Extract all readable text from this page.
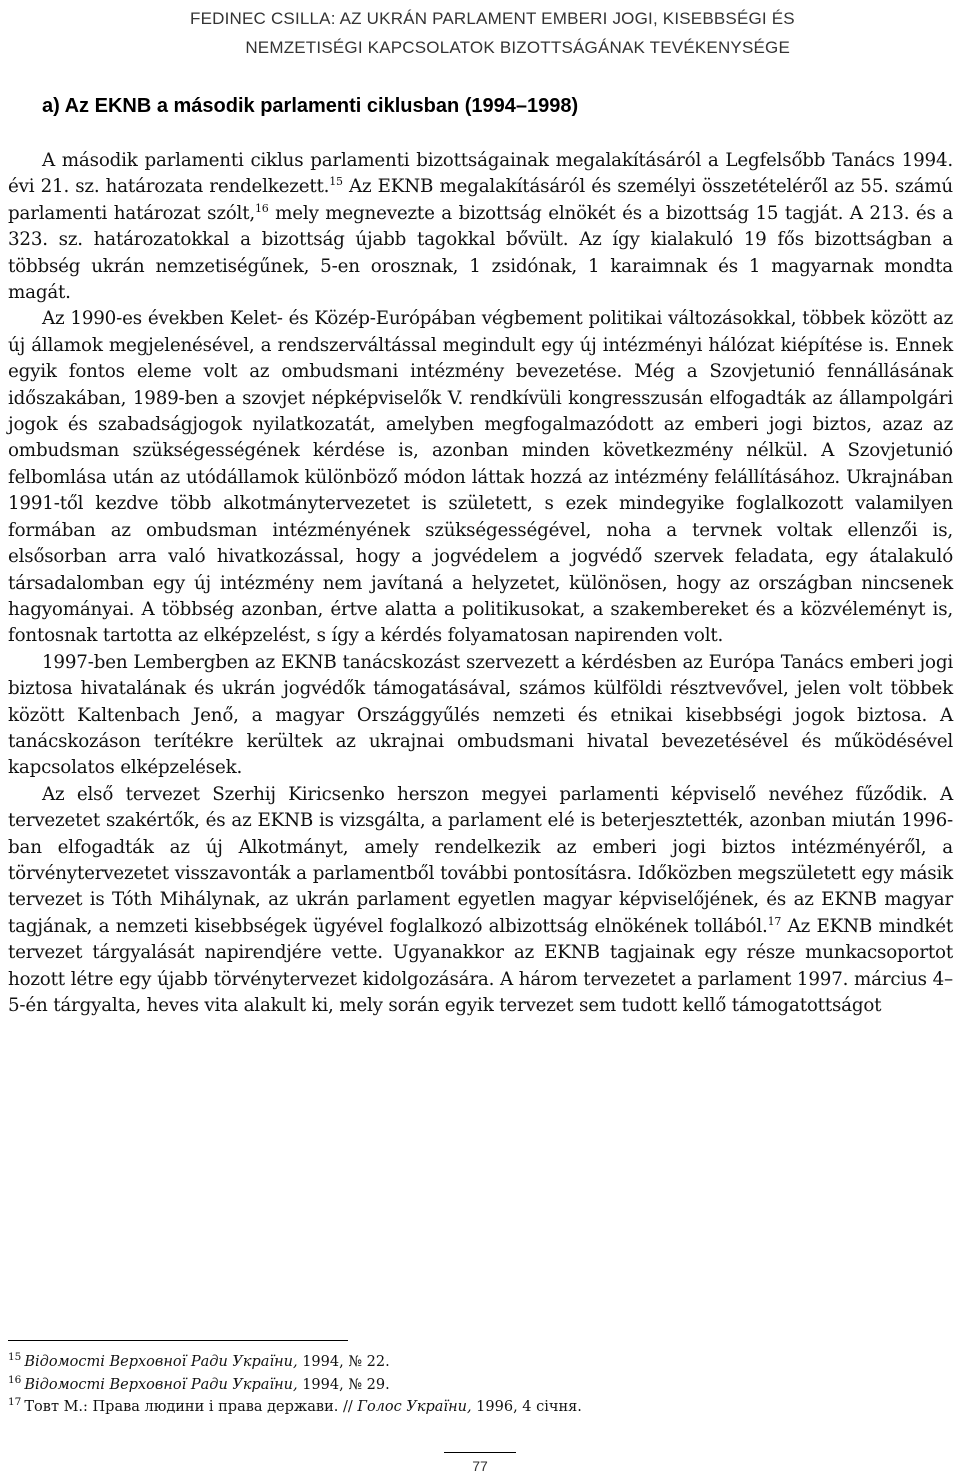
FEDINEC CSILLA: AZ UKRÁN PARLAMENT EMBERI JOGI, KISEBBSÉGI ÉS
NEMZETISÉGI KAPCSOLATOK BIZOTTSÁGÁNAK TEVÉKENYSÉGE
a) Az EKNB a második parlamenti ciklusban (1994–1998)

A második parlamenti ciklus parlamenti bizottságainak megalakításáról a Legfelsőbb Tanács 1994. évi 21. sz. határozata rendelkezett.$^{15}$ Az EKNB megalakításáról és személyi összetételéről az 55. számú parlamenti határozat szólt,$^{16}$ mely megnevezte a bizottság elnökét és a bizottság 15 tagját. A 213. és a 323. sz. határozatokkal a bizottság újabb tagokkal bővült. Az így kialakuló 19 fős bizottságban a többség ukrán nemzetiségűnek, 5-en orosznak, 1 zsidónak, 1 karaimnak és 1 magyarnak mondta magát.

Az 1990-es években Kelet- és Közép-Európában végbement politikai változásokkal, többek között az új államok megjelenésével, a rendszerváltással megindult egy új intézményi hálózat kiépítése is. Ennek egyik fontos eleme volt az ombudsmani intézmény bevezetése. Még a Szovjetunió fennállásának időszakában, 1989-ben a szovjet népképviselők V. rendkívüli kongresszusán elfogadták az állampolgári jogok és szabadságjogok nyilatkozatát, amelyben megfogalmazódott az emberi jogi biztos, azaz az ombudsman szükségességének kérdése is, azonban minden következmény nélkül. A Szovjetunió felbomlása után az utódállamok különböző módon láttak hozzá az intézmény felállításához. Ukrajnában 1991-től kezdve több alkotmánytervezetet is született, s ezek mindegyike foglalkozott valamilyen formában az ombudsman intézményének szükségességével, noha a tervnek voltak ellenzői is, elsősorban arra való hivatkozással, hogy a jogvédelem a jogvédő szervek feladata, egy átalakuló társadalomban egy új intézmény nem javítaná a helyzetet, különösen, hogy az országban nincsenek hagyományai. A többség azonban, értve alatta a politikusokat, a szakembereket és a közvéleményt is, fontosnak tartotta az elképzelést, s így a kérdés folyamatosan napirenden volt.

1997-ben Lembergben az EKNB tanácskozást szervezett a kérdésben az Európa Tanács emberi jogi biztosa hivatalának és ukrán jogvédők támogatásával, számos külföldi résztvevővel, jelen volt többek között Kaltenbach Jenő, a magyar Országgyűlés nemzeti és etnikai kisebbségi jogok biztosa. A tanácskozáson terítékre kerültek az ukrajnai ombudsmani hivatal bevezetésével és működésével kapcsolatos elképzelések.

Az első tervezet Szerhij Kiricsenko herszon megyei parlamenti képviselő nevéhez fűződik. A tervezetet szakértők, és az EKNB is vizsgálta, a parlament elé is beterjesztették, azonban miután 1996-ban elfogadták az új Alkotmányt, amely rendelkezik az emberi jogi biztos intézményéről, a törvénytervezetet visszavonták a parlamentből további pontosításra. Időközben megszületett egy másik tervezet is Tóth Mihálynak, az ukrán parlament egyetlen magyar képviselőjének, és az EKNB magyar tagjának, a nemzeti kisebbségek ügyével foglalkozó albizottság elnökének tollából.$^{17}$ Az EKNB mindkét tervezet tárgyalását napirendjére vette. Ugyanakkor az EKNB tagjainak egy része munkacsoportot hozott létre egy újabb törvénytervezet kidolgozására. A három tervezetet a parlament 1997. március 4–5-én tárgyalta, heves vita alakult ki, mely során egyik tervezet sem tudott kellő támogatottságot

$^{15}$ Відомості Верховної Ради України, 1994, № 22.
$^{16}$ Відомості Верховної Ради України, 1994, № 29.
$^{17}$ Товт М.: Права людини і права держави. // Голос України, 1996, 4 січня.
77
